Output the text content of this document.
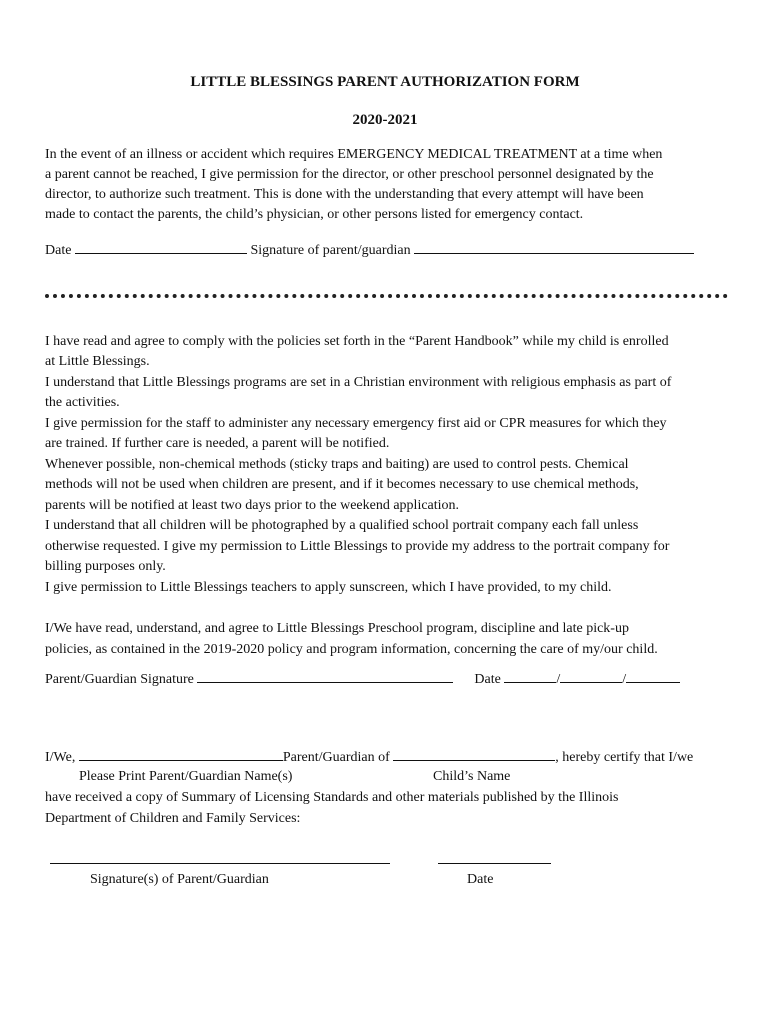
LITTLE BLESSINGS PARENT AUTHORIZATION FORM
2020-2021
In the event of an illness or accident which requires EMERGENCY MEDICAL TREATMENT at a time when
a parent cannot be reached, I give permission for the director, or other preschool personnel designated by the
director, to authorize such treatment. This is done with the understanding that every attempt will have been
made to contact the parents, the child’s physician, or other persons listed for emergency contact.
Date	Signature of parent/guardian
I have read and agree to comply with the policies set forth in the “Parent Handbook” while my child is enrolled
at Little Blessings.
I understand that Little Blessings programs are set in a Christian environment with religious emphasis as part of
the activities.
I give permission for the staff to administer any necessary emergency first aid or CPR measures for which they
are trained. If further care is needed, a parent will be notified.
Whenever possible, non-chemical methods (sticky traps and baiting) are used to control pests. Chemical
methods will not be used when children are present, and if it becomes necessary to use chemical methods,
parents will be notified at least two days prior to the weekend application.
I understand that all children will be photographed by a qualified school portrait company each fall unless
otherwise requested. I give my permission to Little Blessings to provide my address to the portrait company for
billing purposes only.
I give permission to Little Blessings teachers to apply sunscreen, which I have provided, to my child.
I/We have read, understand, and agree to Little Blessings Preschool program, discipline and late pick-up
policies, as contained in the 2019-2020 policy and program information, concerning the care of my/our child.
Parent/Guardian Signature	Date	/	/
I/We,	Parent/Guardian of	, hereby certify that I/we
Please Print Parent/Guardian Name(s)	Child’s Name
have received a copy of Summary of Licensing Standards and other materials published by the Illinois
Department of Children and Family Services:
Signature(s) of Parent/Guardian	Date
